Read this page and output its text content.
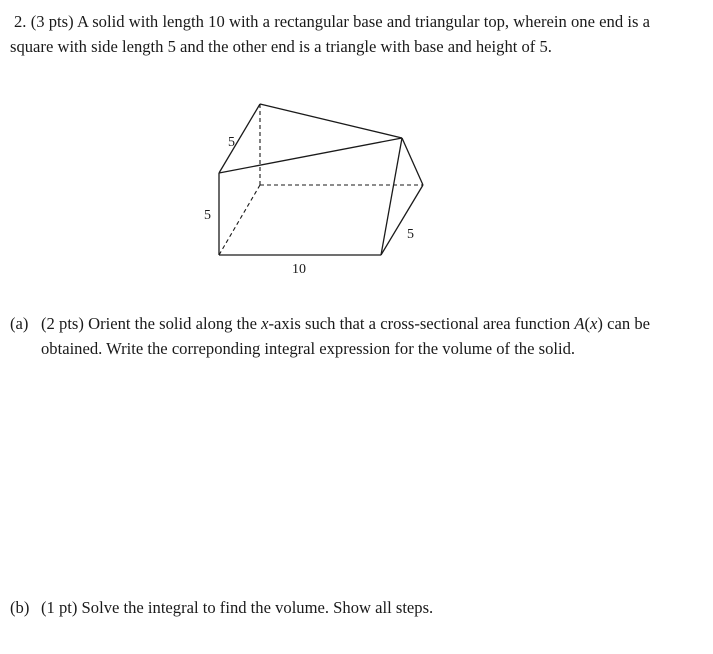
2. (3 pts) A solid with length 10 with a rectangular base and triangular top, wherein one end is a square with side length 5 and the other end is a triangle with base and height of 5.
5
5
5
10
(a) (2 pts) Orient the solid along the x-axis such that a cross-sectional area function A(x) can be obtained. Write the correponding integral expression for the volume of the solid.
(b) (1 pt) Solve the integral to find the volume. Show all steps.
